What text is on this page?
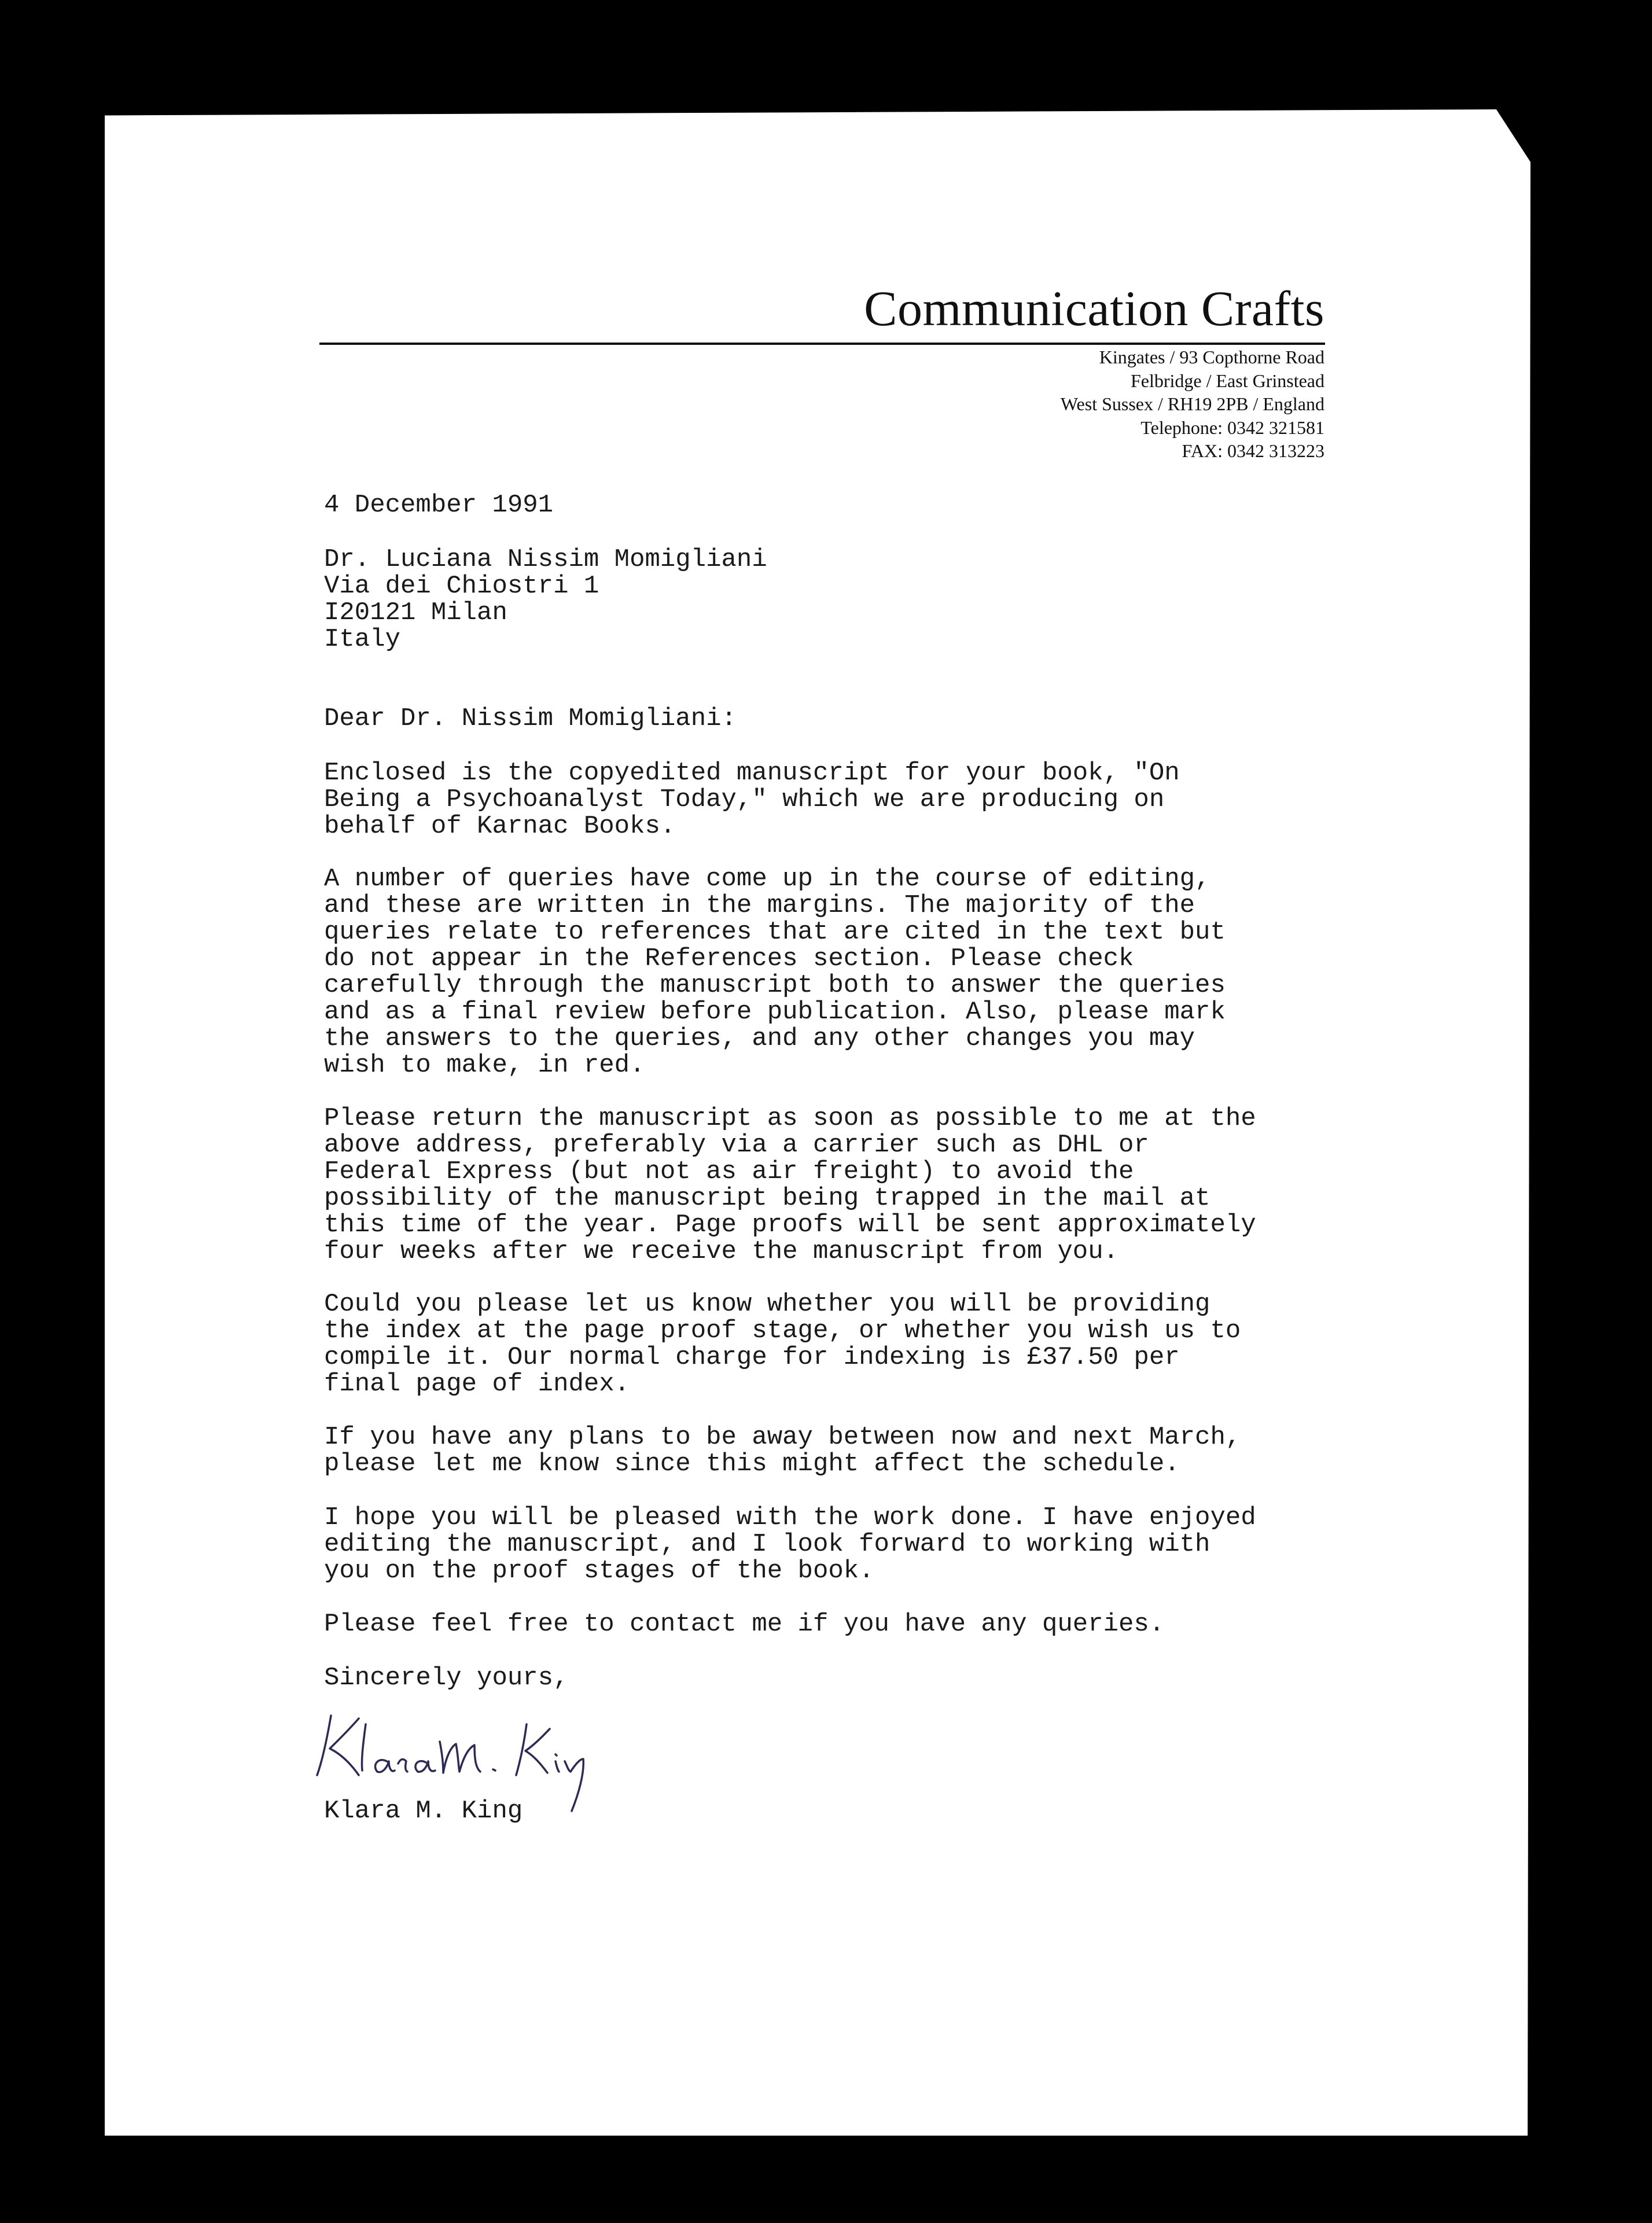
Communication Crafts
Kingates / 93 Copthorne Road
Felbridge / East Grinstead
West Sussex / RH19 2PB / England
Telephone: 0342 321581
FAX: 0342 313223

4 December 1991

Dr. Luciana Nissim Momigliani
Via dei Chiostri 1
I20121 Milan
Italy

Dear Dr. Nissim Momigliani:

Enclosed is the copyedited manuscript for your book, "On
Being a Psychoanalyst Today," which we are producing on
behalf of Karnac Books.

A number of queries have come up in the course of editing,
and these are written in the margins. The majority of the
queries relate to references that are cited in the text but
do not appear in the References section. Please check
carefully through the manuscript both to answer the queries
and as a final review before publication. Also, please mark
the answers to the queries, and any other changes you may
wish to make, in red.

Please return the manuscript as soon as possible to me at the
above address, preferably via a carrier such as DHL or
Federal Express (but not as air freight) to avoid the
possibility of the manuscript being trapped in the mail at
this time of the year. Page proofs will be sent approximately
four weeks after we receive the manuscript from you.

Could you please let us know whether you will be providing
the index at the page proof stage, or whether you wish us to
compile it. Our normal charge for indexing is £37.50 per
final page of index.

If you have any plans to be away between now and next March,
please let me know since this might affect the schedule.

I hope you will be pleased with the work done. I have enjoyed
editing the manuscript, and I look forward to working with
you on the proof stages of the book.

Please feel free to contact me if you have any queries.

Sincerely yours,

Klara M. King
